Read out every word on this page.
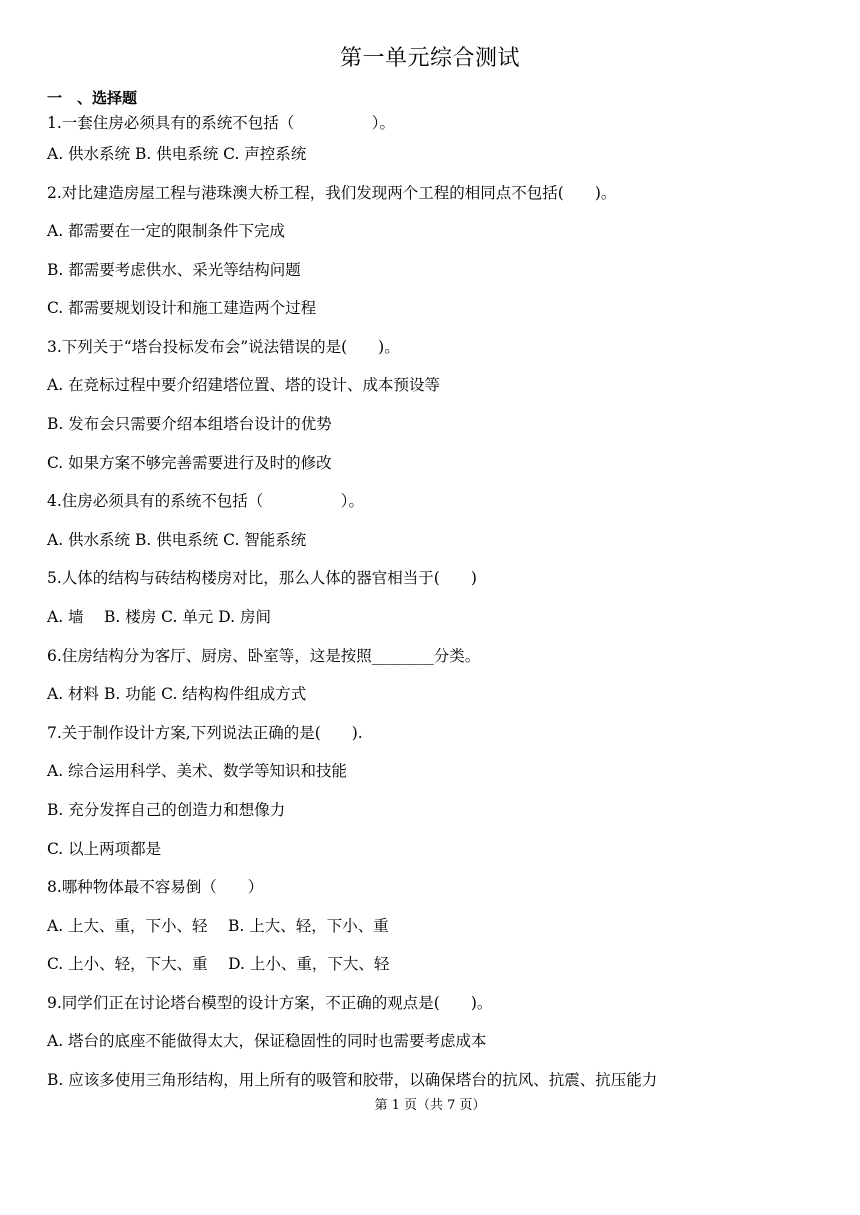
第一单元综合测试
一　、选择题
1.一套住房必须具有的系统不包括（　　　　　）。
A. 供水系统 B. 供电系统 C. 声控系统
2.对比建造房屋工程与港珠澳大桥工程，我们发现两个工程的相同点不包括(　　)。
A. 都需要在一定的限制条件下完成
B. 都需要考虑供水、采光等结构问题
C. 都需要规划设计和施工建造两个过程
3.下列关于“塔台投标发布会”说法错误的是(　　)。
A. 在竞标过程中要介绍建塔位置、塔的设计、成本预设等
B. 发布会只需要介绍本组塔台设计的优势
C. 如果方案不够完善需要进行及时的修改
4.住房必须具有的系统不包括（　　　　　）。
A. 供水系统 B. 供电系统 C. 智能系统
5.人体的结构与砖结构楼房对比，那么人体的器官相当于(　　)
A. 墙　 B. 楼房 C. 单元 D. 房间
6.住房结构分为客厅、厨房、卧室等，这是按照________分类。
A. 材料 B. 功能 C. 结构构件组成方式
7.关于制作设计方案,下列说法正确的是(　　).
A. 综合运用科学、美术、数学等知识和技能
B. 充分发挥自己的创造力和想像力
C. 以上两项都是
8.哪种物体最不容易倒（　　）
A. 上大、重，下小、轻　 B. 上大、轻，下小、重
C. 上小、轻，下大、重　 D. 上小、重，下大、轻
9.同学们正在讨论塔台模型的设计方案，不正确的观点是(　　)。
A. 塔台的底座不能做得太大，保证稳固性的同时也需要考虑成本
B. 应该多使用三角形结构，用上所有的吸管和胶带，以确保塔台的抗风、抗震、抗压能力
第 1 页（共 7 页）
